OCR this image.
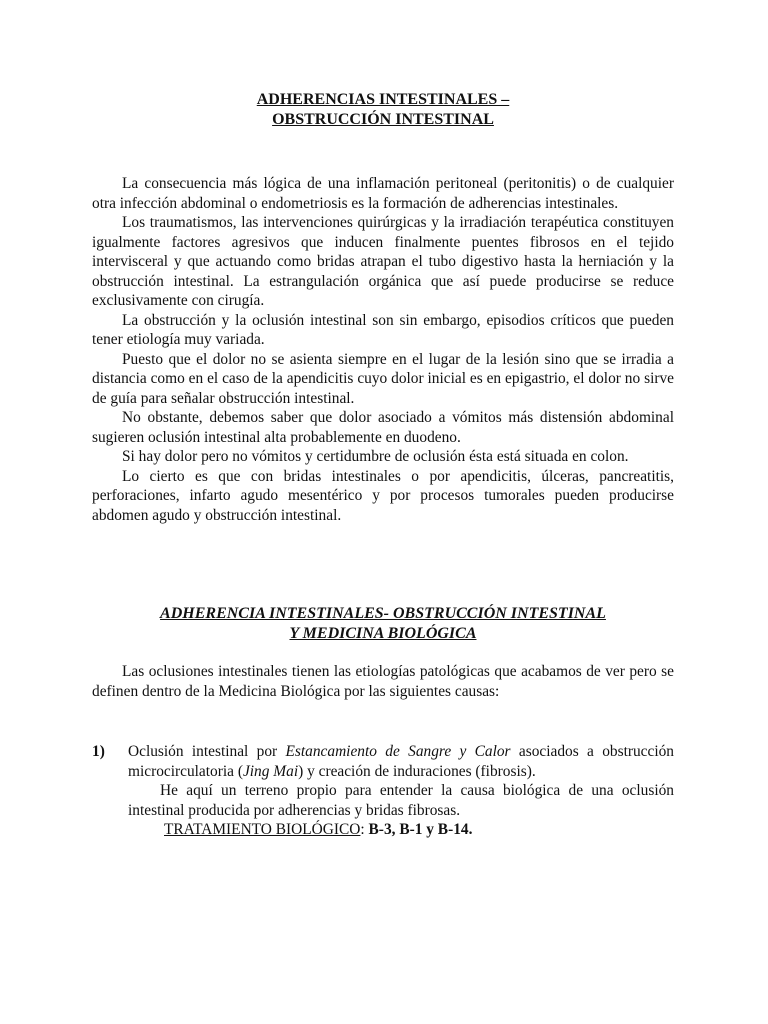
ADHERENCIAS INTESTINALES –
OBSTRUCCIÓN INTESTINAL

La consecuencia más lógica de una inflamación peritoneal (peritonitis) o de cualquier otra infección abdominal o endometriosis es la formación de adherencias intestinales.

Los traumatismos, las intervenciones quirúrgicas y la irradiación terapéutica constituyen igualmente factores agresivos que inducen finalmente puentes fibrosos en el tejido intervisceral y que actuando como bridas atrapan el tubo digestivo hasta la herniación y la obstrucción intestinal. La estrangulación orgánica que así puede producirse se reduce exclusivamente con cirugía.

La obstrucción y la oclusión intestinal son sin embargo, episodios críticos que pueden tener etiología muy variada.

Puesto que el dolor no se asienta siempre en el lugar de la lesión sino que se irradia a distancia como en el caso de la apendicitis cuyo dolor inicial es en epigastrio, el dolor no sirve de guía para señalar obstrucción intestinal.

No obstante, debemos saber que dolor asociado a vómitos más distensión abdominal sugieren oclusión intestinal alta probablemente en duodeno.

Si hay dolor pero no vómitos y certidumbre de oclusión ésta está situada en colon.

Lo cierto es que con bridas intestinales o por apendicitis, úlceras, pancreatitis, perforaciones, infarto agudo mesentérico y por procesos tumorales pueden producirse abdomen agudo y obstrucción intestinal.

ADHERENCIA INTESTINALES- OBSTRUCCIÓN INTESTINAL
Y MEDICINA BIOLÓGICA

Las oclusiones intestinales tienen las etiologías patológicas que acabamos de ver pero se definen dentro de la Medicina Biológica por las siguientes causas:

1) Oclusión intestinal por Estancamiento de Sangre y Calor asociados a obstrucción microcirculatoria (Jing Mai) y creación de induraciones (fibrosis).

He aquí un terreno propio para entender la causa biológica de una oclusión intestinal producida por adherencias y bridas fibrosas.

TRATAMIENTO BIOLÓGICO: B-3, B-1 y B-14.
